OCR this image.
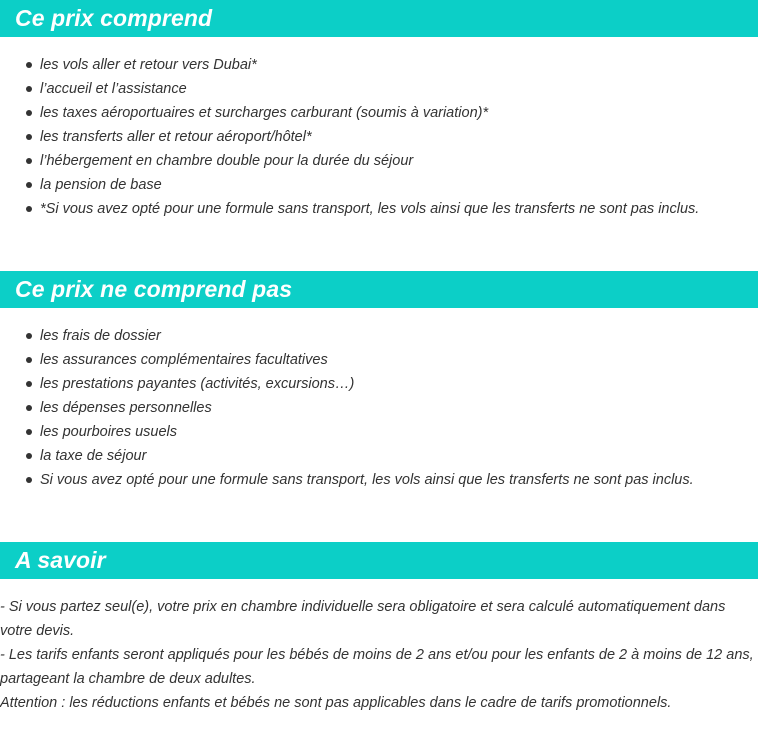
Ce prix comprend
les vols aller et retour vers Dubai*
l’accueil et l’assistance
les taxes aéroportuaires et surcharges carburant (soumis à variation)*
les transferts aller et retour aéroport/hôtel*
l’hébergement en chambre double pour la durée du séjour
la pension de base
*Si vous avez opté pour une formule sans transport, les vols ainsi que les transferts ne sont pas inclus.
Ce prix ne comprend pas
les frais de dossier
les assurances complémentaires facultatives
les prestations payantes (activités, excursions…)
les dépenses personnelles
les pourboires usuels
la taxe de séjour
Si vous avez opté pour une formule sans transport, les vols ainsi que les transferts ne sont pas inclus.
A savoir

- Si vous partez seul(e), votre prix en chambre individuelle sera obligatoire et sera calculé automatiquement dans votre devis.

- Les tarifs enfants seront appliqués pour les bébés de moins de 2 ans et/ou pour les enfants de 2 à moins de 12 ans, partageant la chambre de deux adultes.

Attention : les réductions enfants et bébés ne sont pas applicables dans le cadre de tarifs promotionnels.
